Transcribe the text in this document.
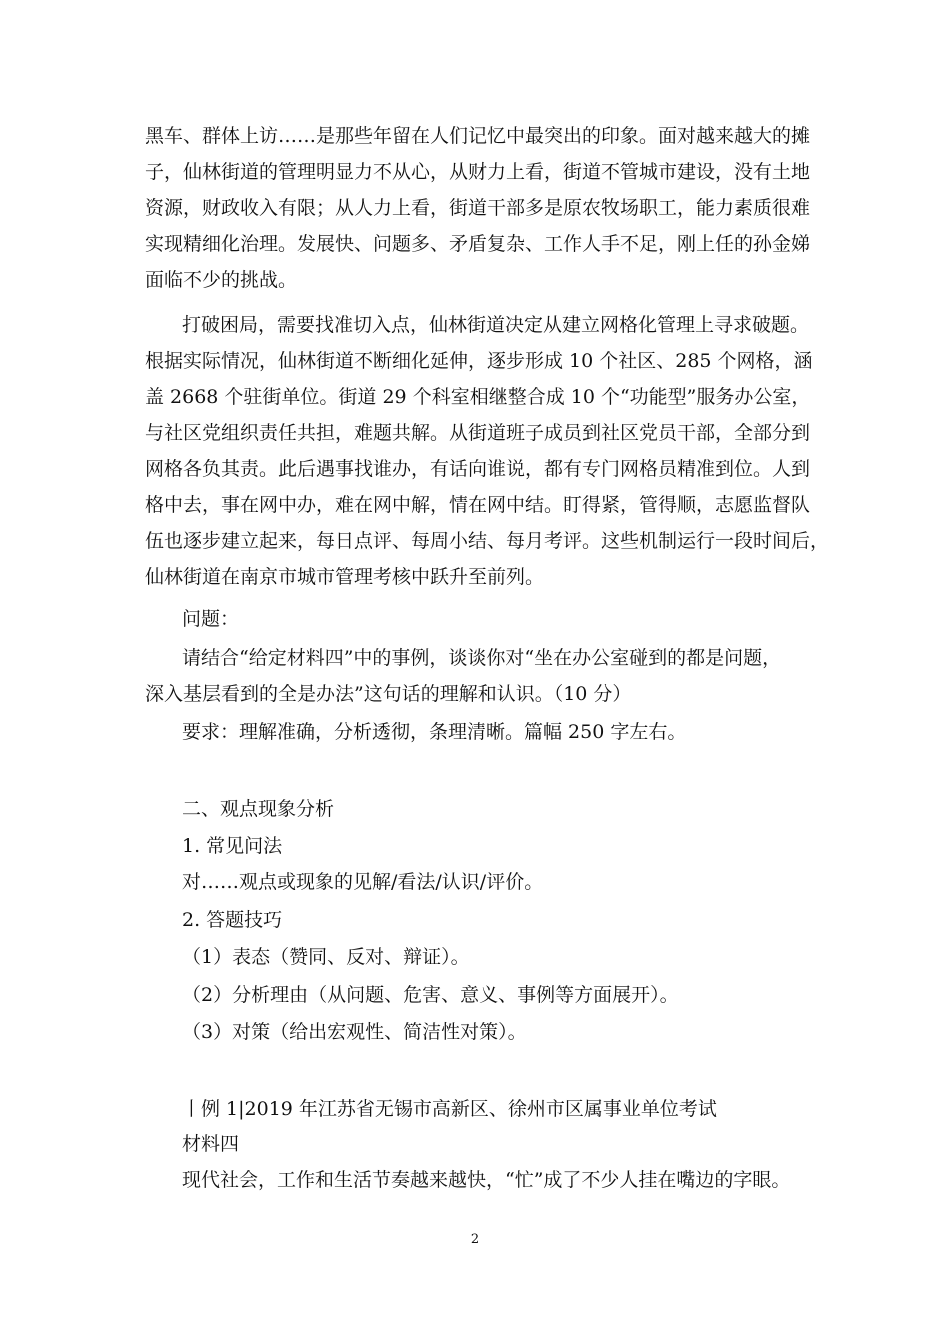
黑车、群体上访……是那些年留在人们记忆中最突出的印象。面对越来越大的摊
子，仙林街道的管理明显力不从心，从财力上看，街道不管城市建设，没有土地
资源，财政收入有限；从人力上看，街道干部多是原农牧场职工，能力素质很难
实现精细化治理。发展快、问题多、矛盾复杂、工作人手不足，刚上任的孙金娣
面临不少的挑战。
打破困局，需要找准切入点，仙林街道决定从建立网格化管理上寻求破题。
根据实际情况，仙林街道不断细化延伸，逐步形成 10 个社区、285 个网格，涵
盖 2668 个驻街单位。街道 29 个科室相继整合成 10 个“功能型”服务办公室，
与社区党组织责任共担，难题共解。从街道班子成员到社区党员干部，全部分到
网格各负其责。此后遇事找谁办，有话向谁说，都有专门网格员精准到位。人到
格中去，事在网中办，难在网中解，情在网中结。盯得紧，管得顺，志愿监督队
伍也逐步建立起来，每日点评、每周小结、每月考评。这些机制运行一段时间后，
仙林街道在南京市城市管理考核中跃升至前列。
问题：
请结合“给定材料四”中的事例，谈谈你对“坐在办公室碰到的都是问题，
深入基层看到的全是办法”这句话的理解和认识。（10 分）
要求：理解准确，分析透彻，条理清晰。篇幅 250 字左右。
二、观点现象分析
1. 常见问法
对……观点或现象的见解/看法/认识/评价。
2. 答题技巧
（1）表态（赞同、反对、辩证）。
（2）分析理由（从问题、危害、意义、事例等方面展开）。
（3）对策（给出宏观性、简洁性对策）。
丨例 1|2019 年江苏省无锡市高新区、徐州市区属事业单位考试
材料四
现代社会，工作和生活节奏越来越快，“忙”成了不少人挂在嘴边的字眼。
2
